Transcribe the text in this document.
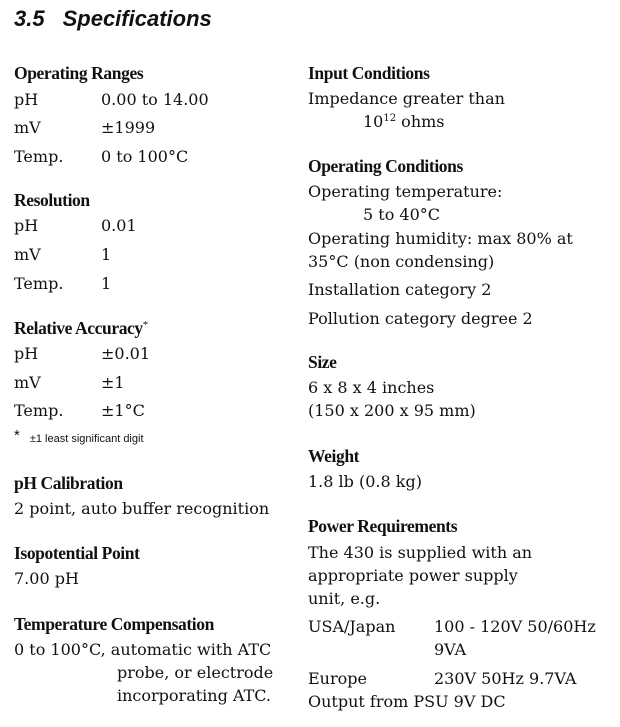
3.5 Specifications
Operating Ranges
pH	0.00 to 14.00
mV	±1999
Temp. 0 to 100°C
Resolution
pH	0.01
mV	1
Temp. 1
Relative Accuracy*
pH	±0.01
mV	±1
Temp. ±1°C
* ±1 least significant digit
pH Calibration
2 point, auto buffer recognition
Isopotential Point
7.00 pH
Temperature Compensation
0 to 100°C, automatic with ATC
probe, or electrode
incorporating ATC.
Input Conditions
Impedance greater than
$10^{12}$ ohms
Operating Conditions
Operating temperature:
5 to 40°C
Operating humidity: max 80% at
35°C (non condensing)
Installation category 2
Pollution category degree 2
Size
6 x 8 x 4 inches
(150 x 200 x 95 mm)
Weight
1.8 lb (0.8 kg)
Power Requirements
The 430 is supplied with an
appropriate power supply
unit, e.g.
USA/Japan 100 - 120V 50/60Hz
9VA
Europe	230V 50Hz 9.7VA
Output from PSU 9V DC
